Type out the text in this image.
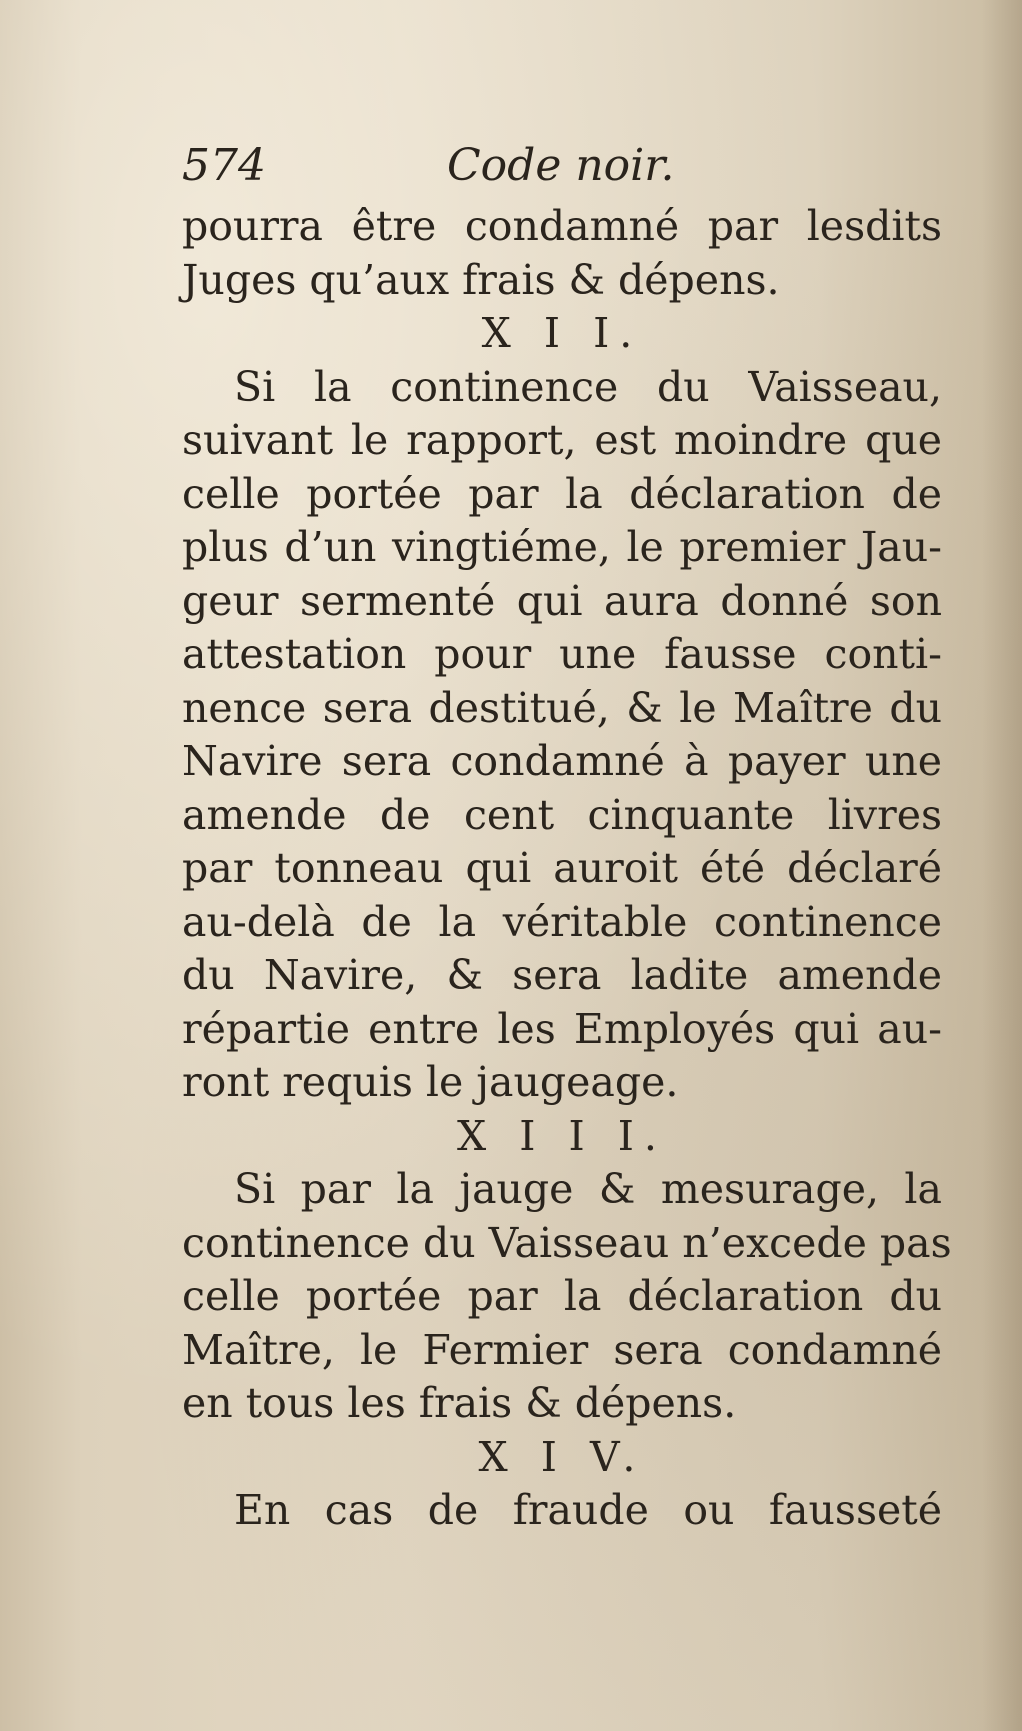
574	Code noir.
pourra être condamné par lesdits
Juges qu’aux frais & dépens.
X I I.
Si la continence du Vaisseau,
suivant le rapport, est moindre que
celle portée par la déclaration de
plus d’un vingtiéme, le premier Jau-
geur sermenté qui aura donné son
attestation pour une fausse conti-
nence sera destitué, & le Maître du
Navire sera condamné à payer une
amende de cent cinquante livres
par tonneau qui auroit été déclaré
au-delà de la véritable continence
du Navire, & sera ladite amende
répartie entre les Employés qui au-
ront requis le jaugeage.
X I I I.
Si par la jauge & mesurage, la
continence du Vaisseau n’excede pas
celle portée par la déclaration du
Maître, le Fermier sera condamné
en tous les frais & dépens.
X I V.
En cas de fraude ou fausseté
